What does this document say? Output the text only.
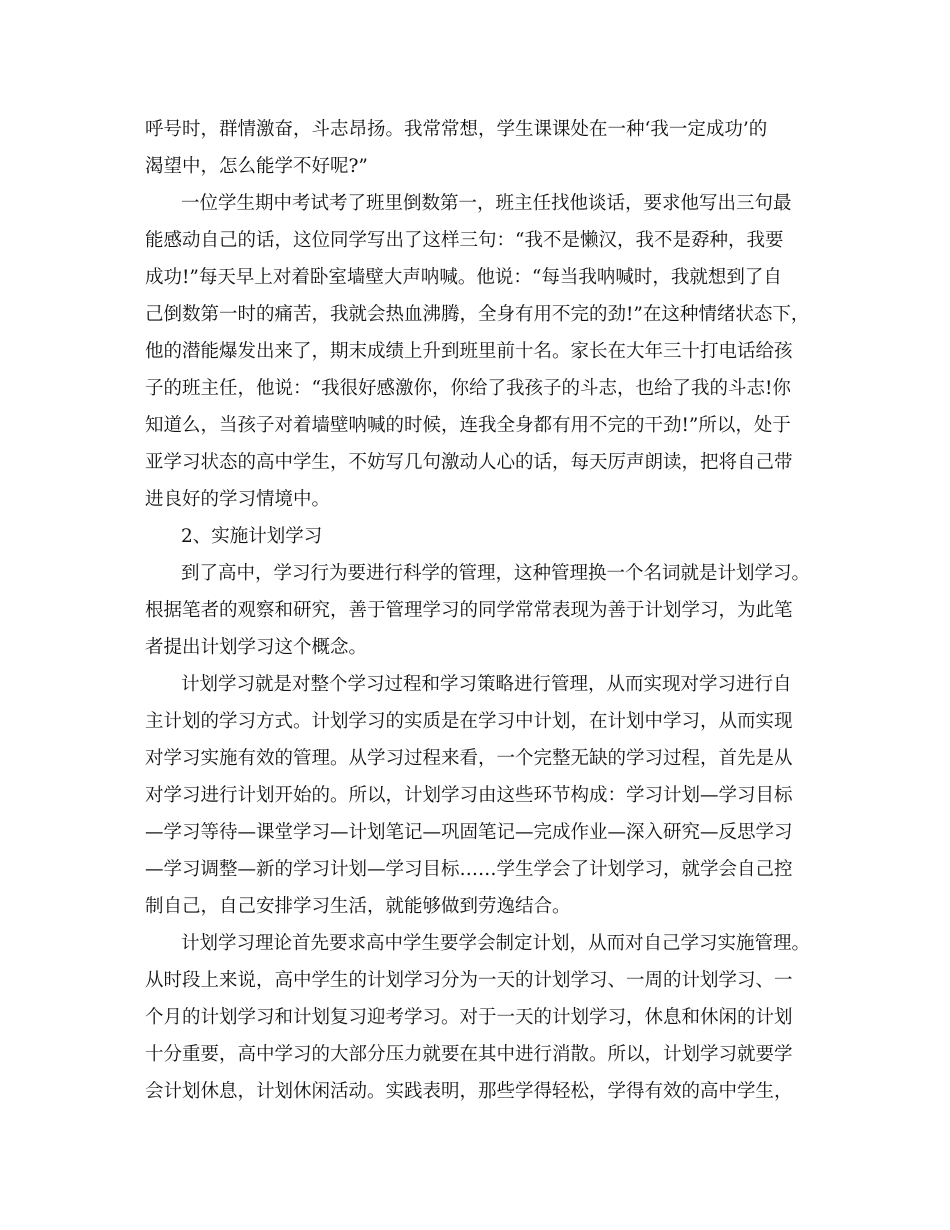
呼号时，群情激奋，斗志昂扬。我常常想，学生课课处在一种‘我一定成功’的

渴望中，怎么能学不好呢?”

一位学生期中考试考了班里倒数第一，班主任找他谈话，要求他写出三句最

能感动自己的话，这位同学写出了这样三句：“我不是懒汉，我不是孬种，我要

成功!”每天早上对着卧室墙壁大声呐喊。他说：“每当我呐喊时，我就想到了自

己倒数第一时的痛苦，我就会热血沸腾，全身有用不完的劲!”在这种情绪状态下，

他的潜能爆发出来了，期末成绩上升到班里前十名。家长在大年三十打电话给孩

子的班主任，他说：“我很好感激你，你给了我孩子的斗志，也给了我的斗志!你

知道么，当孩子对着墙壁呐喊的时候，连我全身都有用不完的干劲!”所以，处于

亚学习状态的高中学生，不妨写几句激动人心的话，每天厉声朗读，把将自己带

进良好的学习情境中。

2、实施计划学习

到了高中，学习行为要进行科学的管理，这种管理换一个名词就是计划学习。

根据笔者的观察和研究，善于管理学习的同学常常表现为善于计划学习，为此笔

者提出计划学习这个概念。

计划学习就是对整个学习过程和学习策略进行管理，从而实现对学习进行自

主计划的学习方式。计划学习的实质是在学习中计划，在计划中学习，从而实现

对学习实施有效的管理。从学习过程来看，一个完整无缺的学习过程，首先是从

对学习进行计划开始的。所以，计划学习由这些环节构成：学习计划—学习目标

—学习等待—课堂学习—计划笔记—巩固笔记—完成作业—深入研究—反思学习

—学习调整—新的学习计划—学习目标……学生学会了计划学习，就学会自己控

制自己，自己安排学习生活，就能够做到劳逸结合。

计划学习理论首先要求高中学生要学会制定计划，从而对自己学习实施管理。

从时段上来说，高中学生的计划学习分为一天的计划学习、一周的计划学习、一

个月的计划学习和计划复习迎考学习。对于一天的计划学习，休息和休闲的计划

十分重要，高中学习的大部分压力就要在其中进行消散。所以，计划学习就要学

会计划休息，计划休闲活动。实践表明，那些学得轻松，学得有效的高中学生，
